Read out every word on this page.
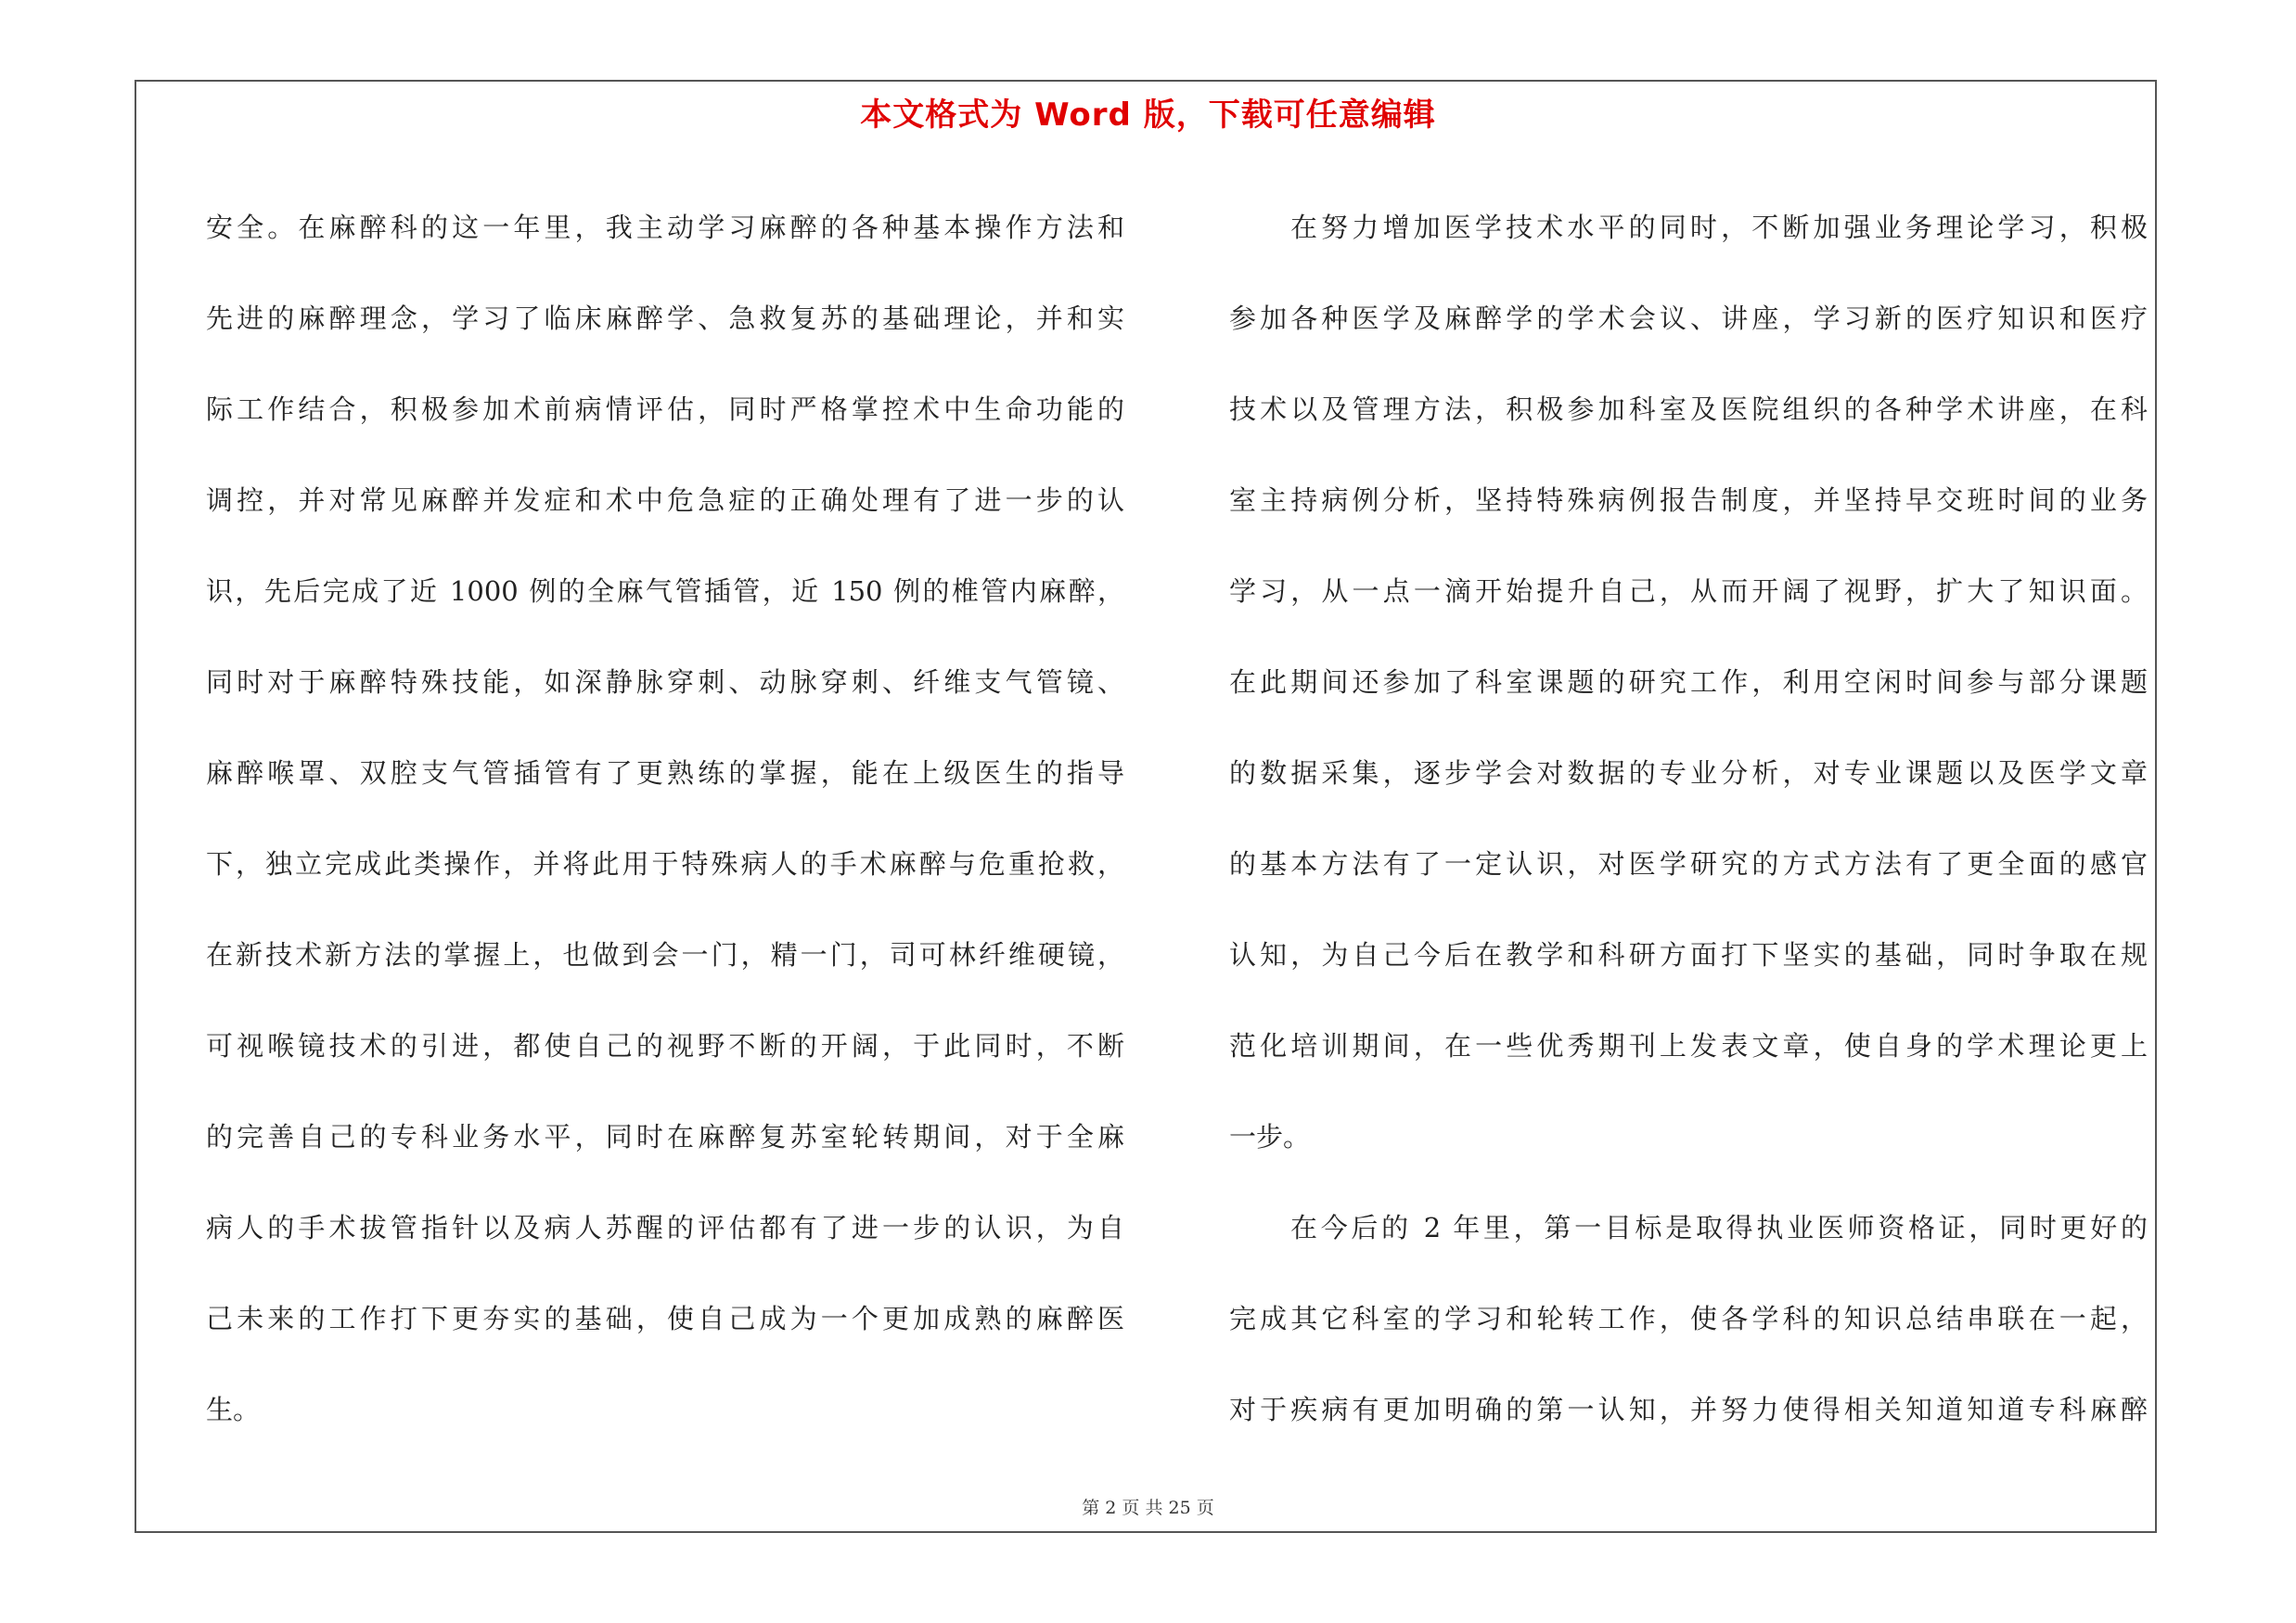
本文格式为 Word 版，下载可任意编辑
安全。在麻醉科的这一年里，我主动学习麻醉的各种基本操作方法和
先进的麻醉理念，学习了临床麻醉学、急救复苏的基础理论，并和实
际工作结合，积极参加术前病情评估，同时严格掌控术中生命功能的
调控，并对常见麻醉并发症和术中危急症的正确处理有了进一步的认
识，先后完成了近 1000 例的全麻气管插管，近 150 例的椎管内麻醉，
同时对于麻醉特殊技能，如深静脉穿刺、动脉穿刺、纤维支气管镜、
麻醉喉罩、双腔支气管插管有了更熟练的掌握，能在上级医生的指导
下，独立完成此类操作，并将此用于特殊病人的手术麻醉与危重抢救，
在新技术新方法的掌握上，也做到会一门，精一门，司可林纤维硬镜，
可视喉镜技术的引进，都使自己的视野不断的开阔，于此同时，不断
的完善自己的专科业务水平，同时在麻醉复苏室轮转期间，对于全麻
病人的手术拔管指针以及病人苏醒的评估都有了进一步的认识，为自
己未来的工作打下更夯实的基础，使自己成为一个更加成熟的麻醉医
生。
在努力增加医学技术水平的同时，不断加强业务理论学习，积极
参加各种医学及麻醉学的学术会议、讲座，学习新的医疗知识和医疗
技术以及管理方法，积极参加科室及医院组织的各种学术讲座，在科
室主持病例分析，坚持特殊病例报告制度，并坚持早交班时间的业务
学习，从一点一滴开始提升自己，从而开阔了视野，扩大了知识面。
在此期间还参加了科室课题的研究工作，利用空闲时间参与部分课题
的数据采集，逐步学会对数据的专业分析，对专业课题以及医学文章
的基本方法有了一定认识，对医学研究的方式方法有了更全面的感官
认知，为自己今后在教学和科研方面打下坚实的基础，同时争取在规
范化培训期间，在一些优秀期刊上发表文章，使自身的学术理论更上
一步。
在今后的 2 年里，第一目标是取得执业医师资格证，同时更好的
完成其它科室的学习和轮转工作，使各学科的知识总结串联在一起，
对于疾病有更加明确的第一认知，并努力使得相关知道知道专科麻醉
第 2 页 共 25 页
